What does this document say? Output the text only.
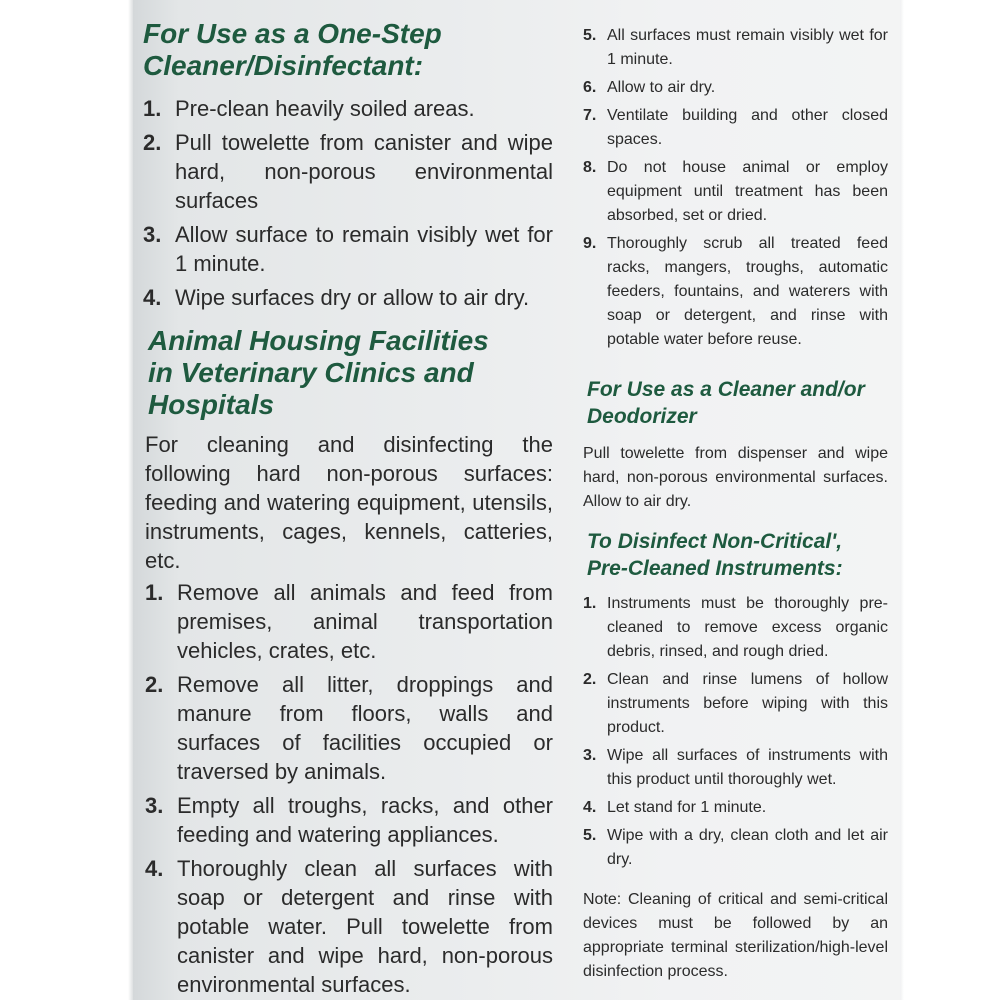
For Use as a One-Step Cleaner/Disinfectant:
1. Pre-clean heavily soiled areas.
2. Pull towelette from canister and wipe hard, non-porous environmental surfaces
3. Allow surface to remain visibly wet for 1 minute.
4. Wipe surfaces dry or allow to air dry.
Animal Housing Facilities in Veterinary Clinics and Hospitals

For cleaning and disinfecting the following hard non-porous surfaces: feeding and watering equipment, utensils, instruments, cages, kennels, catteries, etc.

1. Remove all animals and feed from premises, animal transportation vehicles, crates, etc.
2. Remove all litter, droppings and manure from floors, walls and surfaces of facilities occupied or traversed by animals.
3. Empty all troughs, racks, and other feeding and watering appliances.
4. Thoroughly clean all surfaces with soap or detergent and rinse with potable water. Pull towelette from canister and wipe hard, non-porous environmental surfaces.
5. All surfaces must remain visibly wet for 1 minute.
6. Allow to air dry.
7. Ventilate building and other closed spaces.
8. Do not house animal or employ equipment until treatment has been absorbed, set or dried.
9. Thoroughly scrub all treated feed racks, mangers, troughs, automatic feeders, fountains, and waterers with soap or detergent, and rinse with potable water before reuse.
For Use as a Cleaner and/or Deodorizer

Pull towelette from dispenser and wipe hard, non-porous environmental surfaces. Allow to air dry.

To Disinfect Non-Critical', Pre-Cleaned Instruments:
1. Instruments must be thoroughly pre-cleaned to remove excess organic debris, rinsed, and rough dried.
2. Clean and rinse lumens of hollow instruments before wiping with this product.
3. Wipe all surfaces of instruments with this product until thoroughly wet.
4. Let stand for 1 minute.
5. Wipe with a dry, clean cloth and let air dry.

Note: Cleaning of critical and semi-critical devices must be followed by an appropriate terminal sterilization/high-level disinfection process.
